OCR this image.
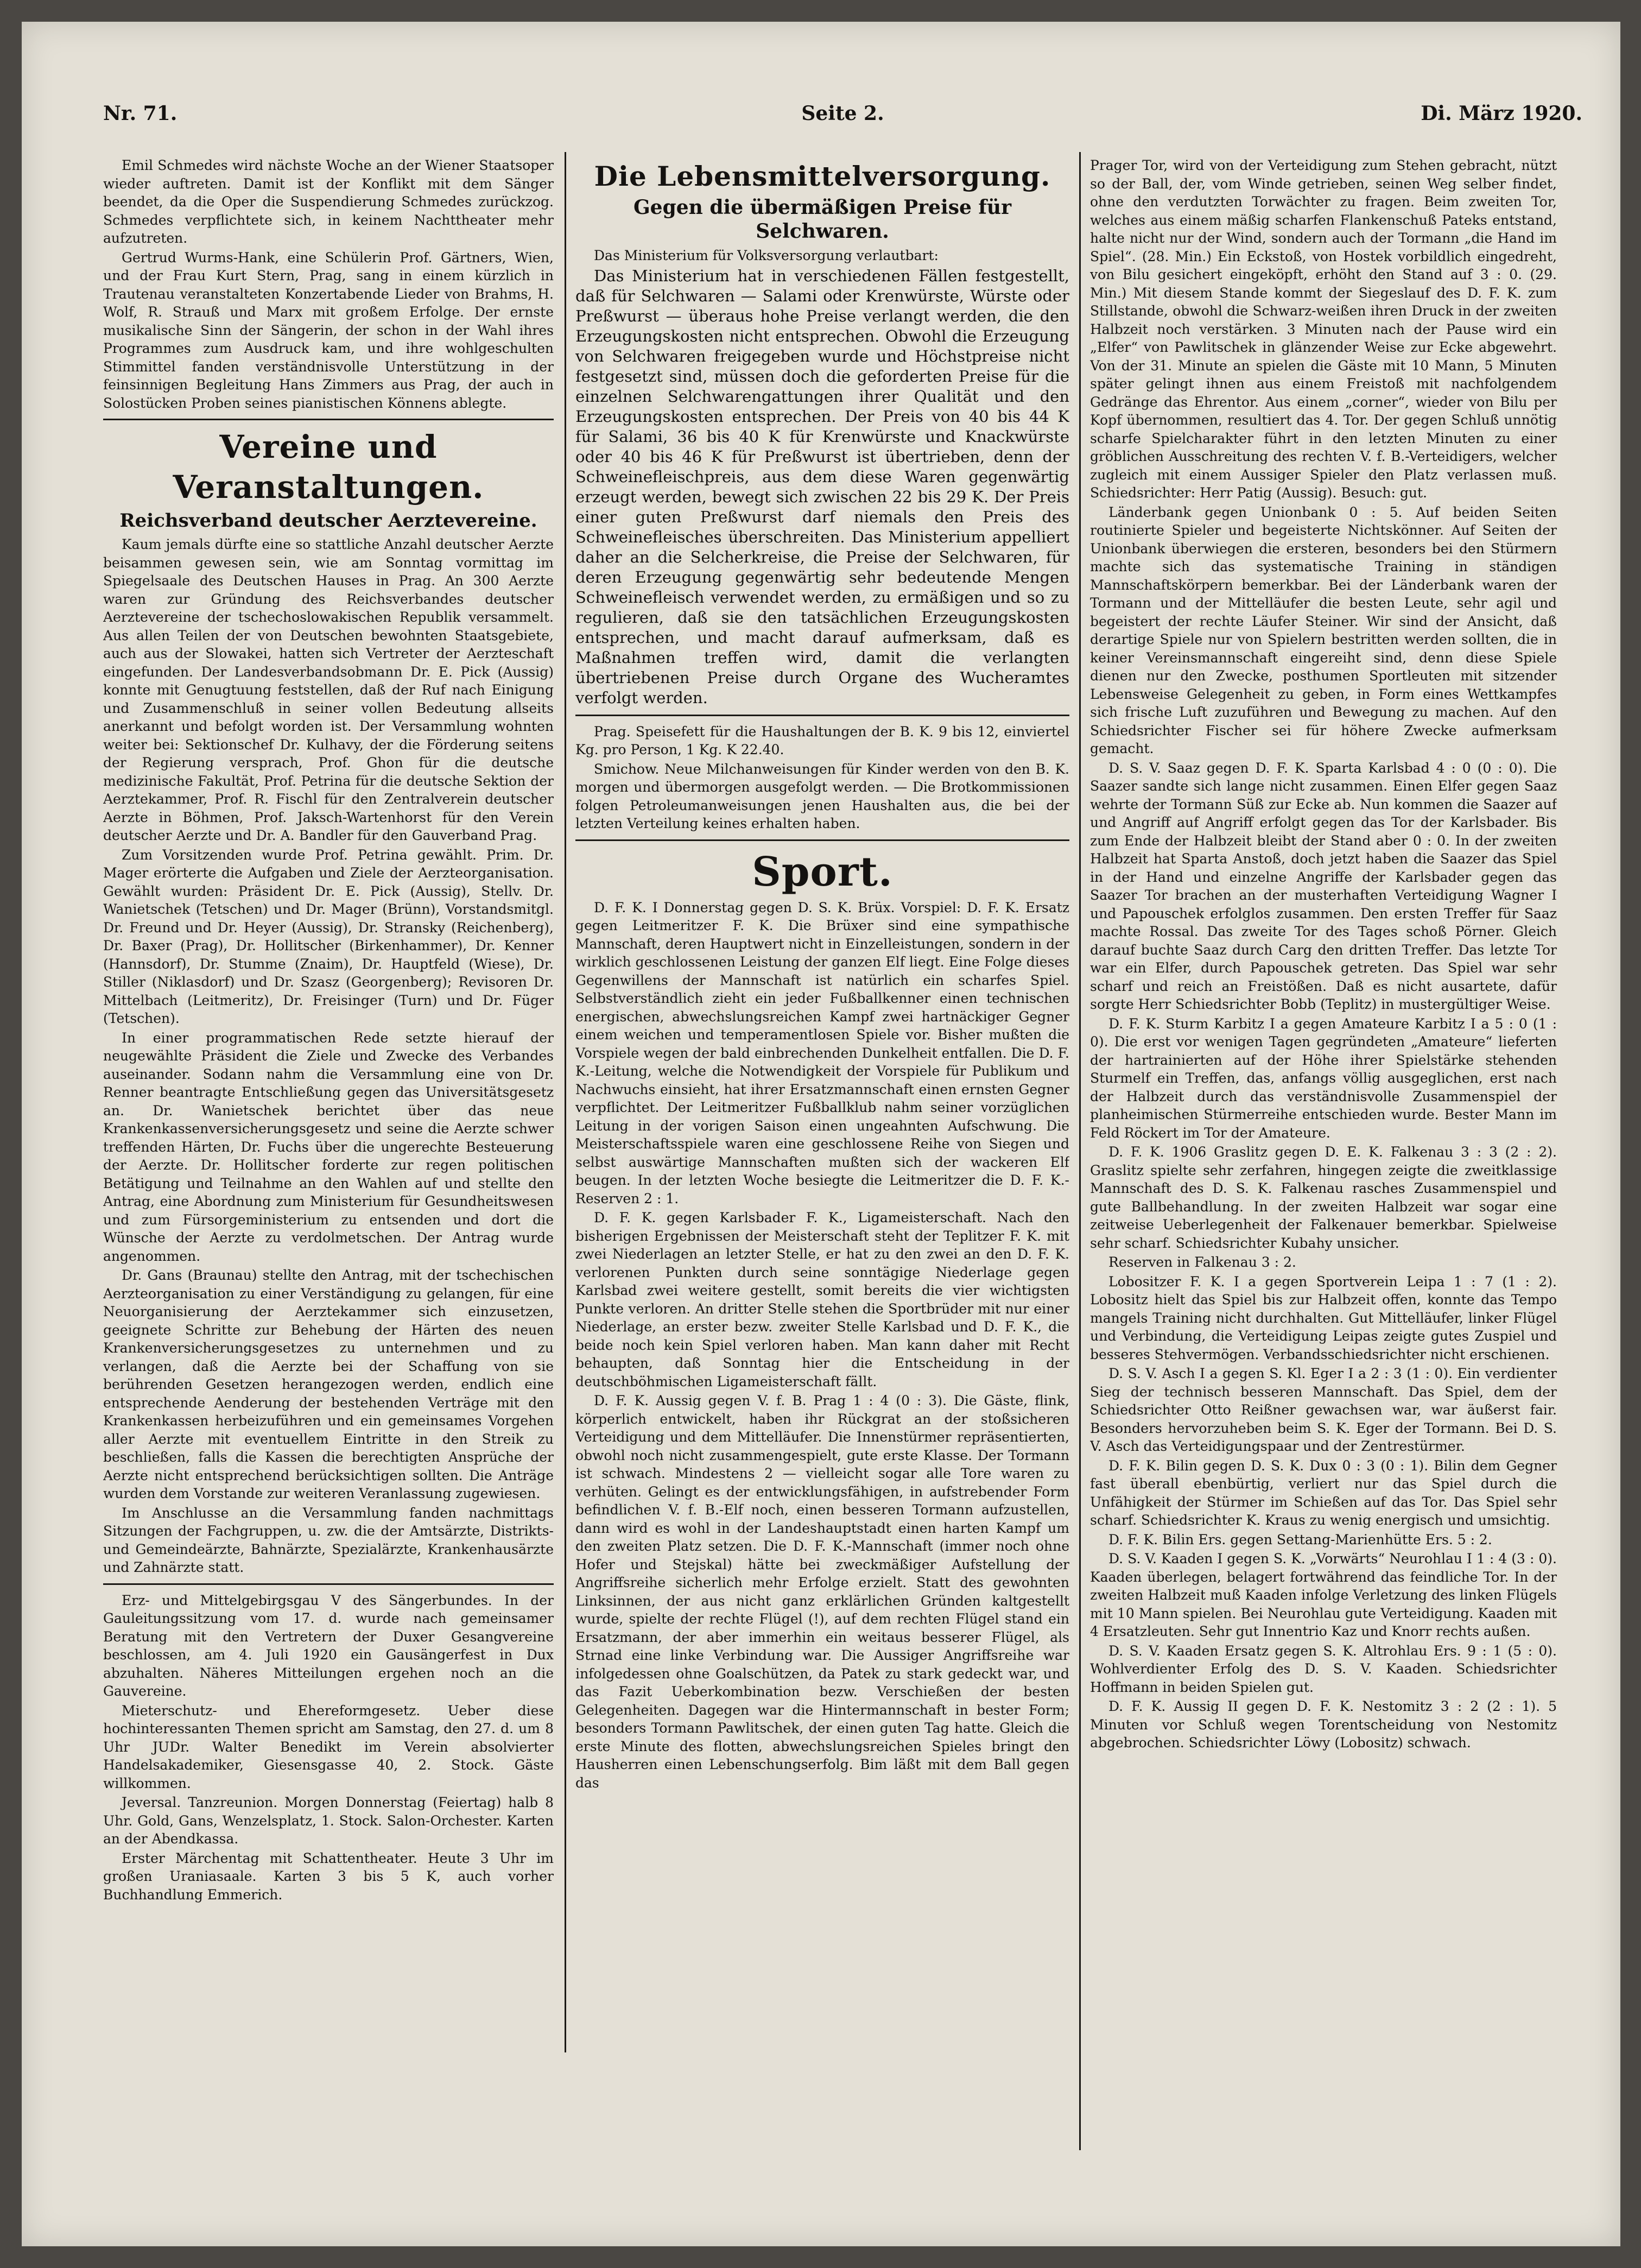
Nr. 71.	Seite 2.	Di. März 1920.

Emil Schmedes wird nächste Woche an der Wiener Staatsoper wieder auftreten. Damit ist der Konflikt mit dem Sänger beendet, da die Oper die Suspendierung Schmedes zurückzog. Schmedes verpflichtete sich, in keinem Nachttheater mehr aufzutreten.

Gertrud Wurms-Hank, eine Schülerin Prof. Gärtners, Wien, und der Frau Kurt Stern, Prag, sang in einem kürzlich in Trautenau veranstalteten Konzertabende Lieder von Brahms, H. Wolf, R. Strauß und Marx mit großem Erfolge. Der ernste musikalische Sinn der Sängerin, der schon in der Wahl ihres Programmes zum Ausdruck kam, und ihre wohlgeschulten Stimmittel fanden verständnisvolle Unterstützung in der feinsinnigen Begleitung Hans Zimmers aus Prag, der auch in Solostücken Proben seines pianistischen Könnens ablegte.

Vereine und Veranstaltungen.
Reichsverband deutscher Aerztevereine.

Kaum jemals dürfte eine so stattliche Anzahl deutscher Aerzte beisammen gewesen sein, wie am Sonntag vormittag im Spiegelsaale des Deutschen Hauses in Prag. An 300 Aerzte waren zur Gründung des Reichsverbandes deutscher Aerztevereine der tschechoslowakischen Republik versammelt. Aus allen Teilen der von Deutschen bewohnten Staatsgebiete, auch aus der Slowakei, hatten sich Vertreter der Aerzteschaft eingefunden. Der Landesverbandsobmann Dr. E. Pick (Aussig) konnte mit Genugtuung feststellen, daß der Ruf nach Einigung und Zusammenschluß in seiner vollen Bedeutung allseits anerkannt und befolgt worden ist. Der Versammlung wohnten weiter bei: Sektionschef Dr. Kulhavy, der die Förderung seitens der Regierung versprach, Prof. Ghon für die deutsche medizinische Fakultät, Prof. Petrina für die deutsche Sektion der Aerztekammer, Prof. R. Fischl für den Zentralverein deutscher Aerzte in Böhmen, Prof. Jaksch-Wartenhorst für den Verein deutscher Aerzte und Dr. A. Bandler für den Gauverband Prag.

Zum Vorsitzenden wurde Prof. Petrina gewählt. Prim. Dr. Mager erörterte die Aufgaben und Ziele der Aerzteorganisation. Gewählt wurden: Präsident Dr. E. Pick (Aussig), Stellv. Dr. Wanietschek (Tetschen) und Dr. Mager (Brünn), Vorstandsmitgl. Dr. Freund und Dr. Heyer (Aussig), Dr. Stransky (Reichenberg), Dr. Baxer (Prag), Dr. Hollitscher (Birkenhammer), Dr. Kenner (Hannsdorf), Dr. Stumme (Znaim), Dr. Hauptfeld (Wiese), Dr. Stiller (Niklasdorf) und Dr. Szasz (Georgenberg); Revisoren Dr. Mittelbach (Leitmeritz), Dr. Freisinger (Turn) und Dr. Füger (Tetschen).

In einer programmatischen Rede setzte hierauf der neugewählte Präsident die Ziele und Zwecke des Verbandes auseinander. Sodann nahm die Versammlung eine von Dr. Renner beantragte Entschließung gegen das Universitätsgesetz an. Dr. Wanietschek berichtet über das neue Krankenkassenversicherungsgesetz und seine die Aerzte schwer treffenden Härten, Dr. Fuchs über die ungerechte Besteuerung der Aerzte. Dr. Hollitscher forderte zur regen politischen Betätigung und Teilnahme an den Wahlen auf und stellte den Antrag, eine Abordnung zum Ministerium für Gesundheitswesen und zum Fürsorgeministerium zu entsenden und dort die Wünsche der Aerzte zu verdolmetschen. Der Antrag wurde angenommen.

Dr. Gans (Braunau) stellte den Antrag, mit der tschechischen Aerzteorganisation zu einer Verständigung zu gelangen, für eine Neuorganisierung der Aerztekammer sich einzusetzen, geeignete Schritte zur Behebung der Härten des neuen Krankenversicherungsgesetzes zu unternehmen und zu verlangen, daß die Aerzte bei der Schaffung von sie berührenden Gesetzen herangezogen werden, endlich eine entsprechende Aenderung der bestehenden Verträge mit den Krankenkassen herbeizuführen und ein gemeinsames Vorgehen aller Aerzte mit eventuellem Eintritte in den Streik zu beschließen, falls die Kassen die berechtigten Ansprüche der Aerzte nicht entsprechend berücksichtigen sollten. Die Anträge wurden dem Vorstande zur weiteren Veranlassung zugewiesen.

Im Anschlusse an die Versammlung fanden nachmittags Sitzungen der Fachgruppen, u. zw. die der Amtsärzte, Distrikts- und Gemeindeärzte, Bahnärzte, Spezialärzte, Krankenhausärzte und Zahnärzte statt.

Erz- und Mittelgebirgsgau V des Sängerbundes. In der Gauleitungssitzung vom 17. d. wurde nach gemeinsamer Beratung mit den Vertretern der Duxer Gesangvereine beschlossen, am 4. Juli 1920 ein Gausängerfest in Dux abzuhalten. Näheres Mitteilungen ergehen noch an die Gauvereine.

Mieterschutz- und Ehereformgesetz. Ueber diese hochinteressanten Themen spricht am Samstag, den 27. d. um 8 Uhr JUDr. Walter Benedikt im Verein absolvierter Handelsakademiker, Giesensgasse 40, 2. Stock. Gäste willkommen.

Jeversal. Tanzreunion. Morgen Donnerstag (Feiertag) halb 8 Uhr. Gold, Gans, Wenzelsplatz, 1. Stock. Salon-Orchester. Karten an der Abendkassa.

Erster Märchentag mit Schattentheater. Heute 3 Uhr im großen Uraniasaale. Karten 3 bis 5 K, auch vorher Buchhandlung Emmerich.

Die Lebensmittelversorgung.
Gegen die übermäßigen Preise für Selchwaren.

Das Ministerium für Volksversorgung verlautbart:

Das Ministerium hat in verschiedenen Fällen festgestellt, daß für Selchwaren — Salami oder Krenwürste, Würste oder Preßwurst — überaus hohe Preise verlangt werden, die den Erzeugungskosten nicht entsprechen. Obwohl die Erzeugung von Selchwaren freigegeben wurde und Höchstpreise nicht festgesetzt sind, müssen doch die geforderten Preise für die einzelnen Selchwarengattungen ihrer Qualität und den Erzeugungskosten entsprechen. Der Preis von 40 bis 44 K für Salami, 36 bis 40 K für Krenwürste und Knackwürste oder 40 bis 46 K für Preßwurst ist übertrieben, denn der Schweinefleischpreis, aus dem diese Waren gegenwärtig erzeugt werden, bewegt sich zwischen 22 bis 29 K. Der Preis einer guten Preßwurst darf niemals den Preis des Schweinefleisches überschreiten. Das Ministerium appelliert daher an die Selcherkreise, die Preise der Selchwaren, für deren Erzeugung gegenwärtig sehr bedeutende Mengen Schweinefleisch verwendet werden, zu ermäßigen und so zu regulieren, daß sie den tatsächlichen Erzeugungskosten entsprechen, und macht darauf aufmerksam, daß es Maßnahmen treffen wird, damit die verlangten übertriebenen Preise durch Organe des Wucheramtes verfolgt werden.

Prag. Speisefett für die Haushaltungen der B. K. 9 bis 12, einviertel Kg. pro Person, 1 Kg. K 22.40.

Smichow. Neue Milchanweisungen für Kinder werden von den B. K. morgen und übermorgen ausgefolgt werden. — Die Brotkommissionen folgen Petroleumanweisungen jenen Haushalten aus, die bei der letzten Verteilung keines erhalten haben.

Sport.

D. F. K. I Donnerstag gegen D. S. K. Brüx. Vorspiel: D. F. K. Ersatz gegen Leitmeritzer F. K. Die Brüxer sind eine sympathische Mannschaft, deren Hauptwert nicht in Einzelleistungen, sondern in der wirklich geschlossenen Leistung der ganzen Elf liegt. Eine Folge dieses Gegenwillens der Mannschaft ist natürlich ein scharfes Spiel. Selbstverständlich zieht ein jeder Fußballkenner einen technischen energischen, abwechslungsreichen Kampf zwei hartnäckiger Gegner einem weichen und temperamentlosen Spiele vor. Bisher mußten die Vorspiele wegen der bald einbrechenden Dunkelheit entfallen. Die D. F. K.-Leitung, welche die Notwendigkeit der Vorspiele für Publikum und Nachwuchs einsieht, hat ihrer Ersatzmannschaft einen ernsten Gegner verpflichtet. Der Leitmeritzer Fußballklub nahm seiner vorzüglichen Leitung in der vorigen Saison einen ungeahnten Aufschwung. Die Meisterschaftsspiele waren eine geschlossene Reihe von Siegen und selbst auswärtige Mannschaften mußten sich der wackeren Elf beugen. In der letzten Woche besiegte die Leitmeritzer die D. F. K.-Reserven 2 : 1.

D. F. K. gegen Karlsbader F. K., Ligameisterschaft. Nach den bisherigen Ergebnissen der Meisterschaft steht der Teplitzer F. K. mit zwei Niederlagen an letzter Stelle, er hat zu den zwei an den D. F. K. verlorenen Punkten durch seine sonntägige Niederlage gegen Karlsbad zwei weitere gestellt, somit bereits die vier wichtigsten Punkte verloren. An dritter Stelle stehen die Sportbrüder mit nur einer Niederlage, an erster bezw. zweiter Stelle Karlsbad und D. F. K., die beide noch kein Spiel verloren haben. Man kann daher mit Recht behaupten, daß Sonntag hier die Entscheidung in der deutschböhmischen Ligameisterschaft fällt.

D. F. K. Aussig gegen V. f. B. Prag 1 : 4 (0 : 3). Die Gäste, flink, körperlich entwickelt, haben ihr Rückgrat an der stoßsicheren Verteidigung und dem Mittelläufer. Die Innenstürmer repräsentierten, obwohl noch nicht zusammengespielt, gute erste Klasse. Der Tormann ist schwach. Mindestens 2 — vielleicht sogar alle Tore waren zu verhüten. Gelingt es der entwicklungsfähigen, in aufstrebender Form befindlichen V. f. B.-Elf noch, einen besseren Tormann aufzustellen, dann wird es wohl in der Landeshauptstadt einen harten Kampf um den zweiten Platz setzen. Die D. F. K.-Mannschaft (immer noch ohne Hofer und Stejskal) hätte bei zweckmäßiger Aufstellung der Angriffsreihe sicherlich mehr Erfolge erzielt. Statt des gewohnten Linksinnen, der aus nicht ganz erklärlichen Gründen kaltgestellt wurde, spielte der rechte Flügel (!), auf dem rechten Flügel stand ein Ersatzmann, der aber immerhin ein weitaus besserer Flügel, als Strnad eine linke Verbindung war. Die Aussiger Angriffsreihe war infolgedessen ohne Goalschützen, da Patek zu stark gedeckt war, und das Fazit Ueberkombination bezw. Verschießen der besten Gelegenheiten. Dagegen war die Hintermannschaft in bester Form; besonders Tormann Pawlitschek, der einen guten Tag hatte. Gleich die erste Minute des flotten, abwechslungsreichen Spieles bringt den Hausherren einen Lebenschungserfolg. Bim läßt mit dem Ball gegen das

Prager Tor, wird von der Verteidigung zum Stehen gebracht, nützt so der Ball, der, vom Winde getrieben, seinen Weg selber findet, ohne den verdutzten Torwächter zu fragen. Beim zweiten Tor, welches aus einem mäßig scharfen Flankenschuß Pateks entstand, halte nicht nur der Wind, sondern auch der Tormann „die Hand im Spiel“. (28. Min.) Ein Eckstoß, von Hostek vorbildlich eingedreht, von Bilu gesichert eingeköpft, erhöht den Stand auf 3 : 0. (29. Min.) Mit diesem Stande kommt der Siegeslauf des D. F. K. zum Stillstande, obwohl die Schwarz-weißen ihren Druck in der zweiten Halbzeit noch verstärken. 3 Minuten nach der Pause wird ein „Elfer“ von Pawlitschek in glänzender Weise zur Ecke abgewehrt. Von der 31. Minute an spielen die Gäste mit 10 Mann, 5 Minuten später gelingt ihnen aus einem Freistoß mit nachfolgendem Gedränge das Ehrentor. Aus einem „corner“, wieder von Bilu per Kopf übernommen, resultiert das 4. Tor. Der gegen Schluß unnötig scharfe Spielcharakter führt in den letzten Minuten zu einer gröblichen Ausschreitung des rechten V. f. B.-Verteidigers, welcher zugleich mit einem Aussiger Spieler den Platz verlassen muß. Schiedsrichter: Herr Patig (Aussig). Besuch: gut.

Länderbank gegen Unionbank 0 : 5. Auf beiden Seiten routinierte Spieler und begeisterte Nichtskönner. Auf Seiten der Unionbank überwiegen die ersteren, besonders bei den Stürmern machte sich das systematische Training in ständigen Mannschaftskörpern bemerkbar. Bei der Länderbank waren der Tormann und der Mittelläufer die besten Leute, sehr agil und begeistert der rechte Läufer Steiner. Wir sind der Ansicht, daß derartige Spiele nur von Spielern bestritten werden sollten, die in keiner Vereinsmannschaft eingereiht sind, denn diese Spiele dienen nur den Zwecke, posthumen Sportleuten mit sitzender Lebensweise Gelegenheit zu geben, in Form eines Wettkampfes sich frische Luft zuzuführen und Bewegung zu machen. Auf den Schiedsrichter Fischer sei für höhere Zwecke aufmerksam gemacht.

D. S. V. Saaz gegen D. F. K. Sparta Karlsbad 4 : 0 (0 : 0). Die Saazer sandte sich lange nicht zusammen. Einen Elfer gegen Saaz wehrte der Tormann Süß zur Ecke ab. Nun kommen die Saazer auf und Angriff auf Angriff erfolgt gegen das Tor der Karlsbader. Bis zum Ende der Halbzeit bleibt der Stand aber 0 : 0. In der zweiten Halbzeit hat Sparta Anstoß, doch jetzt haben die Saazer das Spiel in der Hand und einzelne Angriffe der Karlsbader gegen das Saazer Tor brachen an der musterhaften Verteidigung Wagner I und Papouschek erfolglos zusammen. Den ersten Treffer für Saaz machte Rossal. Das zweite Tor des Tages schoß Pörner. Gleich darauf buchte Saaz durch Carg den dritten Treffer. Das letzte Tor war ein Elfer, durch Papouschek getreten. Das Spiel war sehr scharf und reich an Freistößen. Daß es nicht ausartete, dafür sorgte Herr Schiedsrichter Bobb (Teplitz) in mustergültiger Weise.

D. F. K. Sturm Karbitz I a gegen Amateure Karbitz I a 5 : 0 (1 : 0). Die erst vor wenigen Tagen gegründeten „Amateure“ lieferten der hartrainierten auf der Höhe ihrer Spielstärke stehenden Sturmelf ein Treffen, das, anfangs völlig ausgeglichen, erst nach der Halbzeit durch das verständnisvolle Zusammenspiel der planheimischen Stürmerreihe entschieden wurde. Bester Mann im Feld Röckert im Tor der Amateure.

D. F. K. 1906 Graslitz gegen D. E. K. Falkenau 3 : 3 (2 : 2). Graslitz spielte sehr zerfahren, hingegen zeigte die zweitklassige Mannschaft des D. S. K. Falkenau rasches Zusammenspiel und gute Ballbehandlung. In der zweiten Halbzeit war sogar eine zeitweise Ueberlegenheit der Falkenauer bemerkbar. Spielweise sehr scharf. Schiedsrichter Kubahy unsicher.

Reserven in Falkenau 3 : 2.

Lobositzer F. K. I a gegen Sportverein Leipa 1 : 7 (1 : 2). Lobositz hielt das Spiel bis zur Halbzeit offen, konnte das Tempo mangels Training nicht durchhalten. Gut Mittelläufer, linker Flügel und Verbindung, die Verteidigung Leipas zeigte gutes Zuspiel und besseres Stehvermögen. Verbandsschiedsrichter nicht erschienen.

D. S. V. Asch I a gegen S. Kl. Eger I a 2 : 3 (1 : 0). Ein verdienter Sieg der technisch besseren Mannschaft. Das Spiel, dem der Schiedsrichter Otto Reißner gewachsen war, war äußerst fair. Besonders hervorzuheben beim S. K. Eger der Tormann. Bei D. S. V. Asch das Verteidigungspaar und der Zentrestürmer.

D. F. K. Bilin gegen D. S. K. Dux 0 : 3 (0 : 1). Bilin dem Gegner fast überall ebenbürtig, verliert nur das Spiel durch die Unfähigkeit der Stürmer im Schießen auf das Tor. Das Spiel sehr scharf. Schiedsrichter K. Kraus zu wenig energisch und umsichtig.

D. F. K. Bilin Ers. gegen Settang-Marienhütte Ers. 5 : 2.

D. S. V. Kaaden I gegen S. K. „Vorwärts“ Neurohlau I 1 : 4 (3 : 0). Kaaden überlegen, belagert fortwährend das feindliche Tor. In der zweiten Halbzeit muß Kaaden infolge Verletzung des linken Flügels mit 10 Mann spielen. Bei Neurohlau gute Verteidigung. Kaaden mit 4 Ersatzleuten. Sehr gut Innentrio Kaz und Knorr rechts außen.

D. S. V. Kaaden Ersatz gegen S. K. Altrohlau Ers. 9 : 1 (5 : 0). Wohlverdienter Erfolg des D. S. V. Kaaden. Schiedsrichter Hoffmann in beiden Spielen gut.

D. F. K. Aussig II gegen D. F. K. Nestomitz 3 : 2 (2 : 1). 5 Minuten vor Schluß wegen Torentscheidung von Nestomitz abgebrochen. Schiedsrichter Löwy (Lobositz) schwach.
